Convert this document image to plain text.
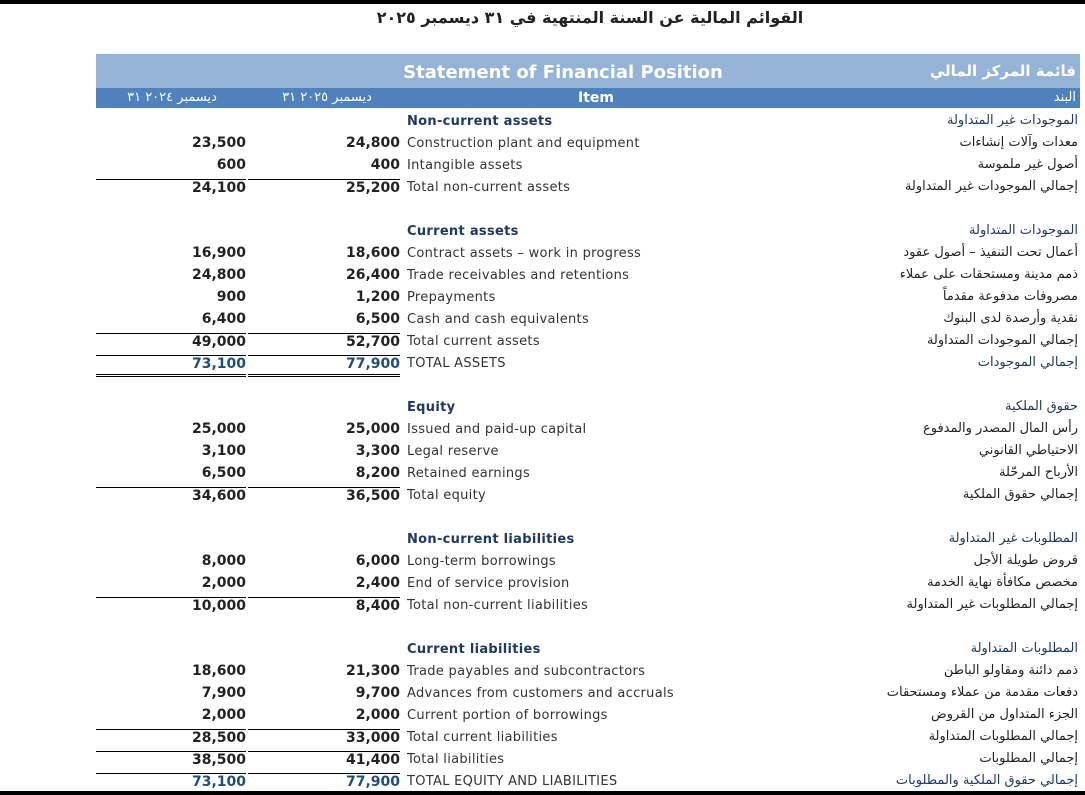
القوائم المالية عن السنة المنتهية في ٣١ ديسمبر ٢٠٢٥
Statement of Financial Position	قائمة المركز المالي
ديسمبر ٢٠٢٤ ٣١	ديسمبر ٢٠٢٥ ٣١	Item	البند
Non-current assets	الموجودات غير المتداولة
23,500	24,800 Construction plant and equipment	معدات وآلات إنشاءات
600	400 Intangible assets	أصول غير ملموسة
24,100	25,200 Total non-current assets	إجمالي الموجودات غير المتداولة
Current assets	الموجودات المتداولة
16,900	18,600 Contract assets – work in progress	أعمال تحت التنفيذ – أصول عقود
24,800	26,400 Trade receivables and retentions	ذمم مدينة ومستحقات على عملاء
900	1,200 Prepayments	مصروفات مدفوعة مقدماً
6,400	6,500 Cash and cash equivalents	نقدية وأرصدة لدى البنوك
49,000	52,700 Total current assets	إجمالي الموجودات المتداولة
73,100	77,900 TOTAL ASSETS	إجمالي الموجودات
Equity	حقوق الملكية
25,000	25,000 Issued and paid-up capital	رأس المال المصدر والمدفوع
3,100	3,300 Legal reserve	الاحتياطي القانوني
6,500	8,200 Retained earnings	الأرباح المرحّلة
34,600	36,500 Total equity	إجمالي حقوق الملكية
Non-current liabilities	المطلوبات غير المتداولة
8,000	6,000 Long-term borrowings	قروض طويلة الأجل
2,000	2,400 End of service provision	مخصص مكافأة نهاية الخدمة
10,000	8,400 Total non-current liabilities	إجمالي المطلوبات غير المتداولة
Current liabilities	المطلوبات المتداولة
18,600	21,300 Trade payables and subcontractors	ذمم دائنة ومقاولو الباطن
7,900	9,700 Advances from customers and accruals	دفعات مقدمة من عملاء ومستحقات
2,000	2,000 Current portion of borrowings	الجزء المتداول من القروض
28,500	33,000 Total current liabilities	إجمالي المطلوبات المتداولة
38,500	41,400 Total liabilities	إجمالي المطلوبات
73,100	77,900 TOTAL EQUITY AND LIABILITIES	إجمالي حقوق الملكية والمطلوبات
